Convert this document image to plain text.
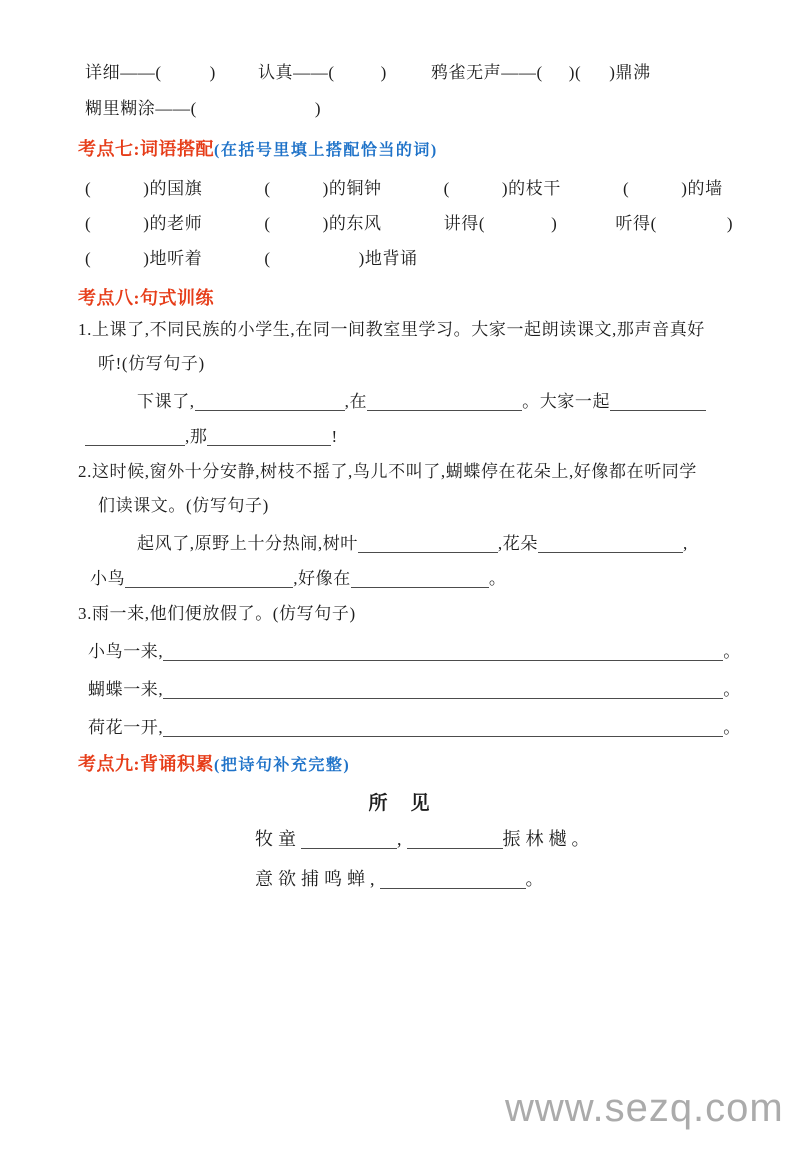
详细——(	) 认真——(	)	鸦雀无声——( )( )鼎沸
糊里糊涂——(	)
考点七:词语搭配(在括号里填上搭配恰当的词)
(	)的国旗	(	)的铜钟	(	)的枝干	(	)的墙
(	)的老师	(	)的东风	讲得(	)	听得(	)
(	)地听着	(	)地背诵
考点八:句式训练
1.上课了,不同民族的小学生,在同一间教室里学习。大家一起朗读课文,那声音真好
听!(仿写句子)
下课了,	,在	。大家一起
,那	!
2.这时候,窗外十分安静,树枝不摇了,鸟儿不叫了,蝴蝶停在花朵上,好像都在听同学
们读课文。(仿写句子)
起风了,原野上十分热闹,树叶	,花朵	,
小鸟	,好像在	。
3.雨一来,他们便放假了。(仿写句子)
小鸟一来,	。
蝴蝶一来,	。
荷花一开,	。
考点九:背诵积累(把诗句补充完整)
所　见
牧童	,	振林樾。
意欲捕鸣蝉,	。
www.sezq.com
